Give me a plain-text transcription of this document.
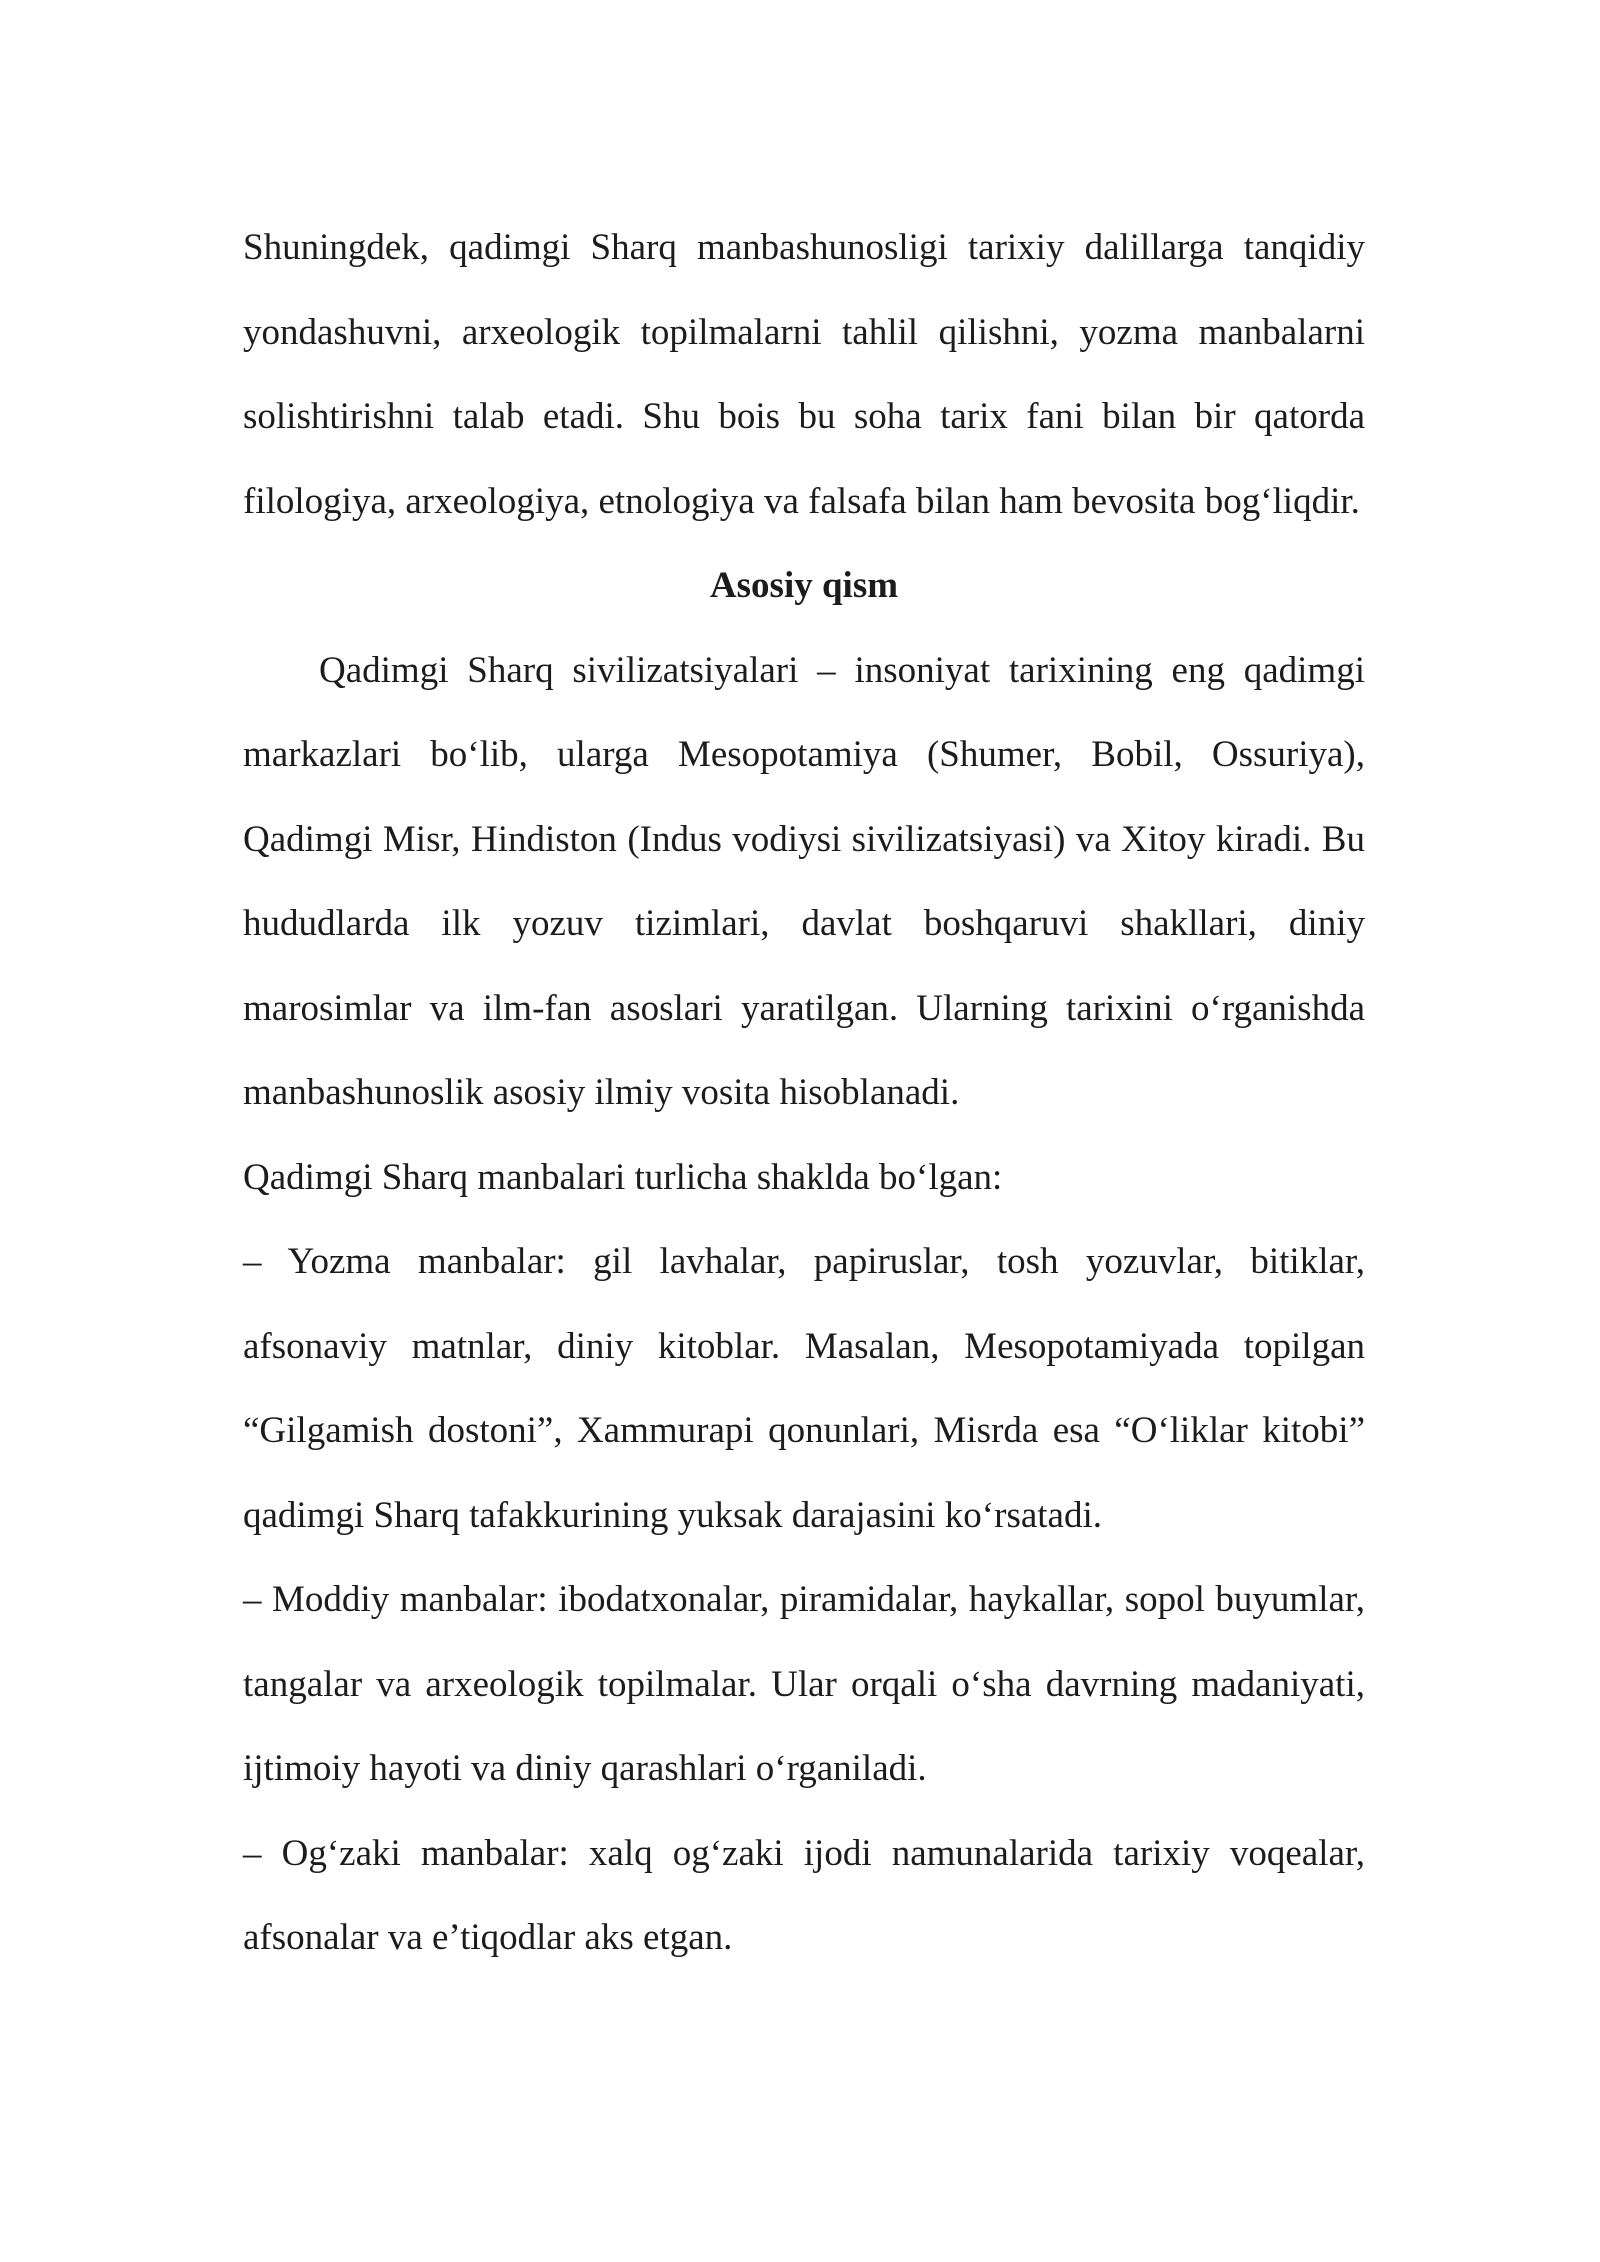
Shuningdek, qadimgi Sharq manbashunosligi tarixiy dalillarga tanqidiy yondashuvni, arxeologik topilmalarni tahlil qilishni, yozma manbalarni solishtirishni talab etadi. Shu bois bu soha tarix fani bilan bir qatorda filologiya, arxeologiya, etnologiya va falsafa bilan ham bevosita bog‘liqdir.

Asosiy qism

Qadimgi Sharq sivilizatsiyalari – insoniyat tarixining eng qadimgi markazlari bo‘lib, ularga Mesopotamiya (Shumer, Bobil, Ossuriya), Qadimgi Misr, Hindiston (Indus vodiysi sivilizatsiyasi) va Xitoy kiradi. Bu hududlarda ilk yozuv tizimlari, davlat boshqaruvi shakllari, diniy marosimlar va ilm-fan asoslari yaratilgan. Ularning tarixini o‘rganishda manbashunoslik asosiy ilmiy vosita hisoblanadi.

Qadimgi Sharq manbalari turlicha shaklda bo‘lgan:

– Yozma manbalar: gil lavhalar, papiruslar, tosh yozuvlar, bitiklar, afsonaviy matnlar, diniy kitoblar. Masalan, Mesopotamiyada topilgan “Gilgamish dostoni”, Xammurapi qonunlari, Misrda esa “O‘liklar kitobi” qadimgi Sharq tafakkurining yuksak darajasini ko‘rsatadi.

– Moddiy manbalar: ibodatxonalar, piramidalar, haykallar, sopol buyumlar, tangalar va arxeologik topilmalar. Ular orqali o‘sha davrning madaniyati, ijtimoiy hayoti va diniy qarashlari o‘rganiladi.

– Og‘zaki manbalar: xalq og‘zaki ijodi namunalarida tarixiy voqealar, afsonalar va e’tiqodlar aks etgan.
